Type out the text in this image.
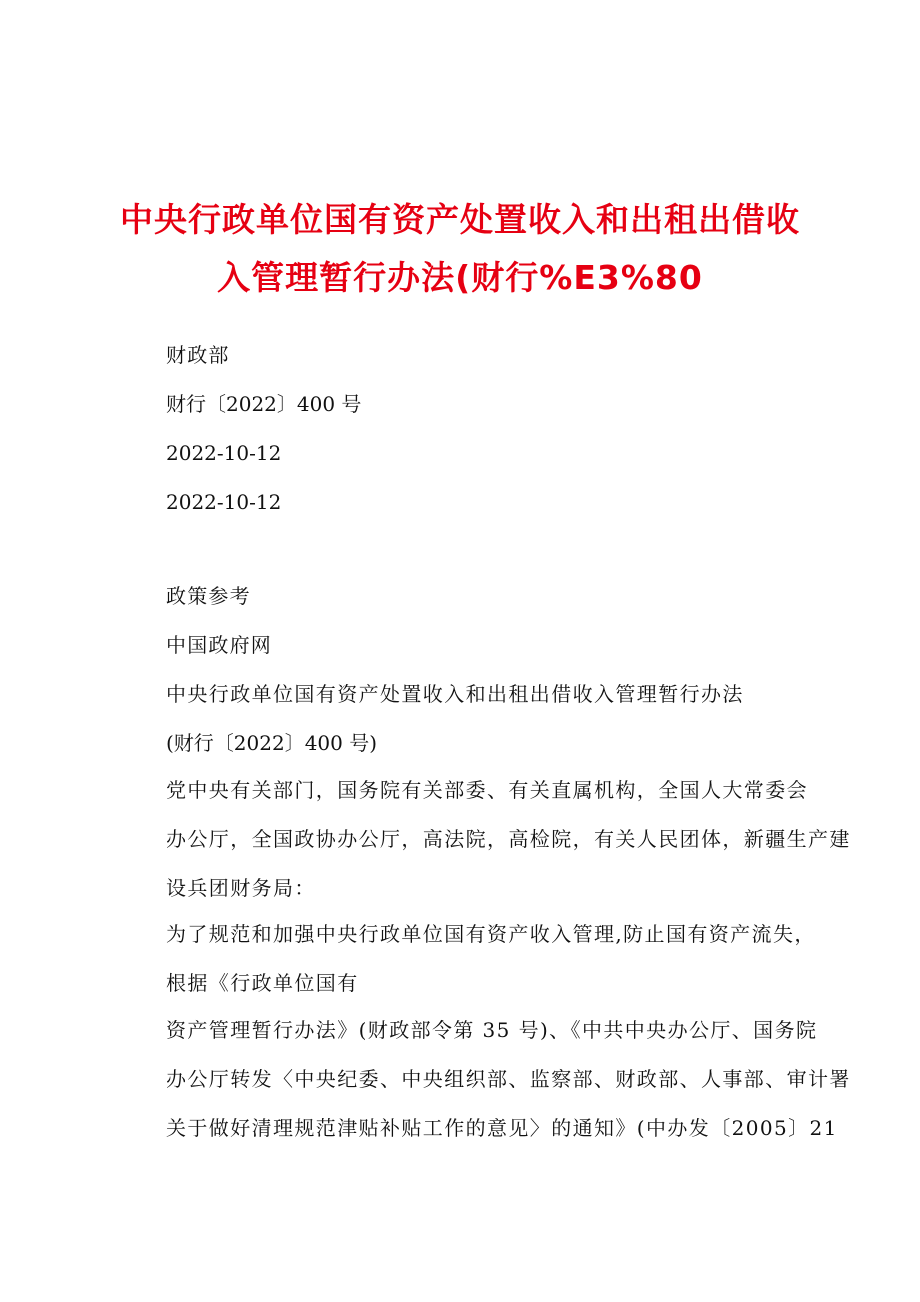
中央行政单位国有资产处置收入和出租出借收
入管理暂行办法(财行%E3%80
财政部
财行〔2022〕400 号
2022-10-12
2022-10-12
政策参考
中国政府网
中央行政单位国有资产处置收入和出租出借收入管理暂行办法
(财行〔2022〕400 号)
党中央有关部门，国务院有关部委、有关直属机构，全国人大常委会
办公厅，全国政协办公厅，高法院，高检院，有关人民团体，新疆生产建
设兵团财务局：
为了规范和加强中央行政单位国有资产收入管理,防止国有资产流失，
根据《行政单位国有
资产管理暂行办法》(财政部令第 35 号)、《中共中央办公厅、国务院
办公厅转发〈中央纪委、中央组织部、监察部、财政部、人事部、审计署
关于做好清理规范津贴补贴工作的意见〉的通知》(中办发〔2005〕21
